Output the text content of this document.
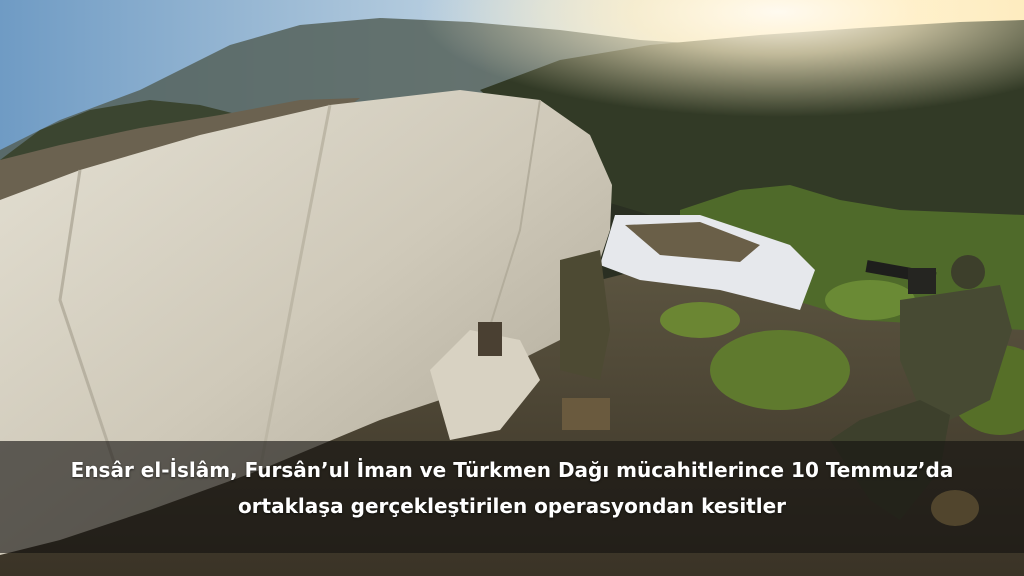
Ensâr el-İslâm, Fursân’ul İman ve Türkmen Dağı mücahitlerince 10 Temmuz’da
ortaklaşa gerçekleştirilen operasyondan kesitler
